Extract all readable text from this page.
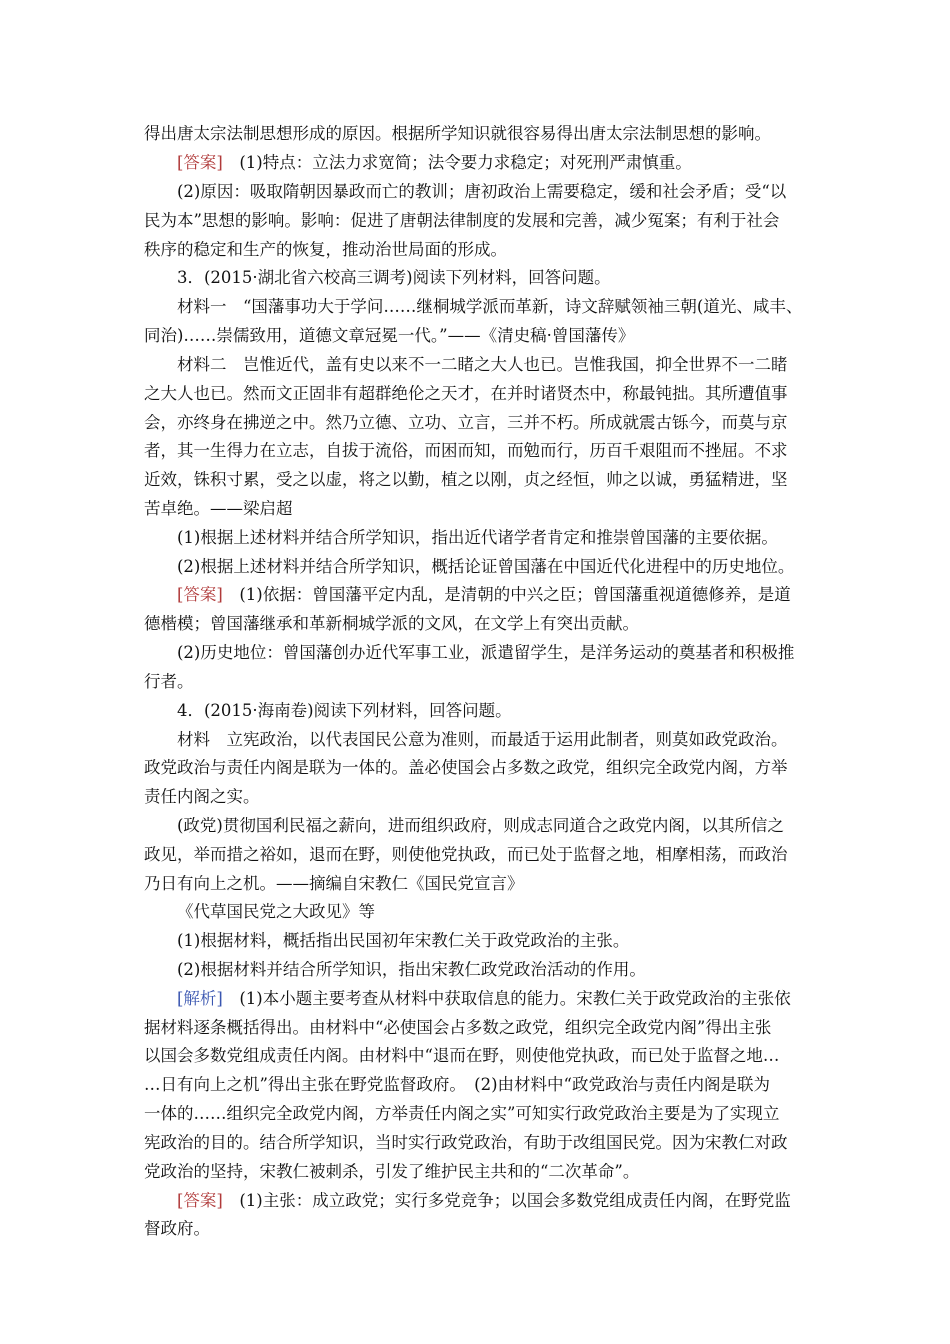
得出唐太宗法制思想形成的原因。根据所学知识就很容易得出唐太宗法制思想的影响。
[答案]　(1)特点：立法力求宽简；法令要力求稳定；对死刑严肃慎重。
(2)原因：吸取隋朝因暴政而亡的教训；唐初政治上需要稳定，缓和社会矛盾；受“以
民为本”思想的影响。影响：促进了唐朝法律制度的发展和完善，减少冤案；有利于社会
秩序的稳定和生产的恢复，推动治世局面的形成。
3．(2015·湖北省六校高三调考)阅读下列材料，回答问题。
材料一　“国藩事功大于学问……继桐城学派而革新，诗文辞赋领袖三朝(道光、咸丰、
同治)……崇儒致用，道德文章冠冕一代。”——《清史稿·曾国藩传》
材料二　岂惟近代，盖有史以来不一二睹之大人也已。岂惟我国，抑全世界不一二睹
之大人也已。然而文正固非有超群绝伦之天才，在并时诸贤杰中，称最钝拙。其所遭值事
会，亦终身在拂逆之中。然乃立德、立功、立言，三并不朽。所成就震古铄今，而莫与京
者，其一生得力在立志，自拔于流俗，而困而知，而勉而行，历百千艰阻而不挫屈。不求
近效，铢积寸累，受之以虚，将之以勤，植之以刚，贞之经恒，帅之以诚，勇猛精进，坚
苦卓绝。——梁启超
(1)根据上述材料并结合所学知识，指出近代诸学者肯定和推崇曾国藩的主要依据。
(2)根据上述材料并结合所学知识，概括论证曾国藩在中国近代化进程中的历史地位。
[答案]　(1)依据：曾国藩平定内乱，是清朝的中兴之臣；曾国藩重视道德修养，是道
德楷模；曾国藩继承和革新桐城学派的文风，在文学上有突出贡献。
(2)历史地位：曾国藩创办近代军事工业，派遣留学生，是洋务运动的奠基者和积极推
行者。
4．(2015·海南卷)阅读下列材料，回答问题。
材料　立宪政治，以代表国民公意为准则，而最适于运用此制者，则莫如政党政治。
政党政治与责任内阁是联为一体的。盖必使国会占多数之政党，组织完全政党内阁，方举
责任内阁之实。
(政党)贯彻国利民福之薪向，进而组织政府，则成志同道合之政党内阁，以其所信之
政见，举而措之裕如，退而在野，则使他党执政，而已处于监督之地，相摩相荡，而政治
乃日有向上之机。——摘编自宋教仁《国民党宣言》
《代草国民党之大政见》等
(1)根据材料，概括指出民国初年宋教仁关于政党政治的主张。
(2)根据材料并结合所学知识，指出宋教仁政党政治活动的作用。
[解析]　(1)本小题主要考查从材料中获取信息的能力。宋教仁关于政党政治的主张依
据材料逐条概括得出。由材料中“必使国会占多数之政党，组织完全政党内阁”得出主张
以国会多数党组成责任内阁。由材料中“退而在野，则使他党执政，而已处于监督之地…
…日有向上之机”得出主张在野党监督政府。　(2)由材料中“政党政治与责任内阁是联为
一体的……组织完全政党内阁，方举责任内阁之实”可知实行政党政治主要是为了实现立
宪政治的目的。结合所学知识，当时实行政党政治，有助于改组国民党。因为宋教仁对政
党政治的坚持，宋教仁被刺杀，引发了维护民主共和的“二次革命”。
[答案]　(1)主张：成立政党；实行多党竞争；以国会多数党组成责任内阁，在野党监
督政府。
